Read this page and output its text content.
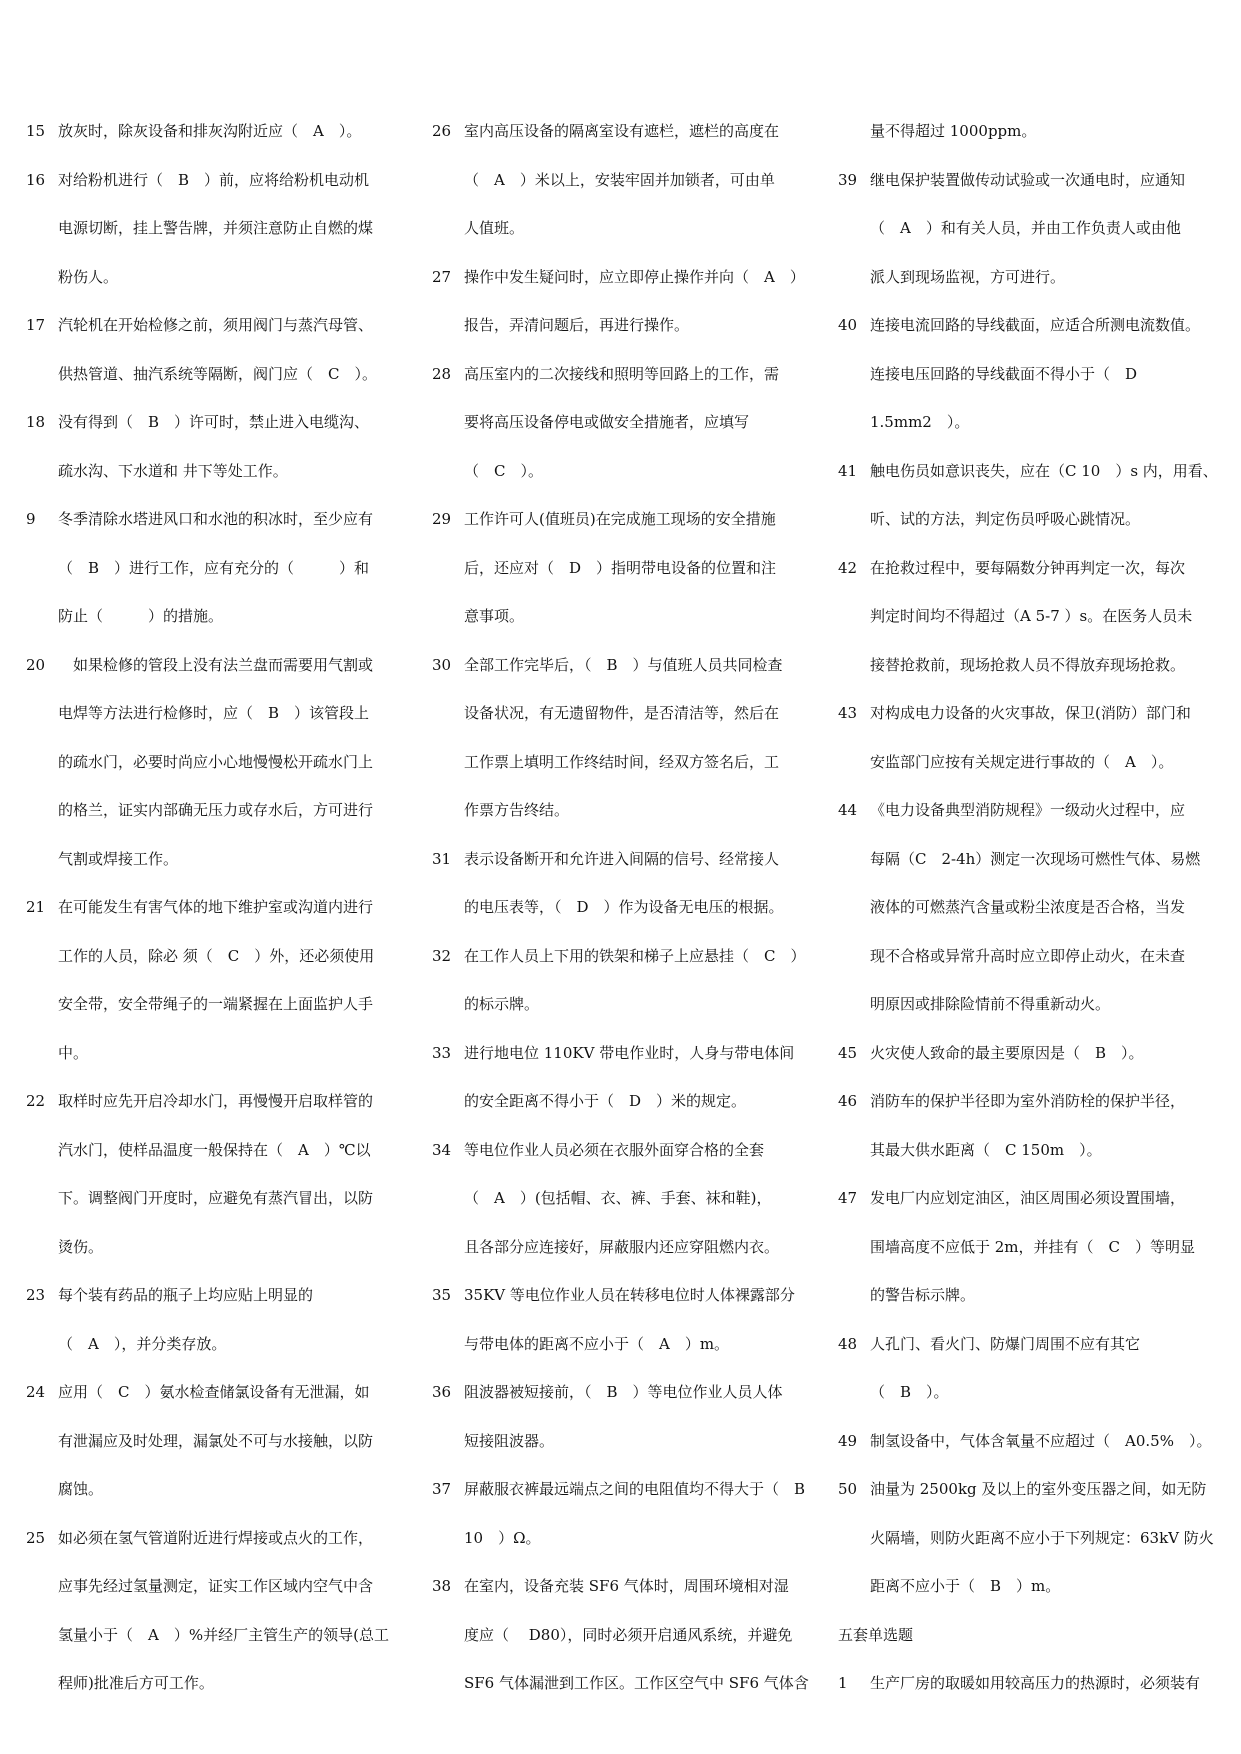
15 放灰时，除灰设备和排灰沟附近应（　A　）。
16 对给粉机进行（　B　）前，应将给粉机电动机
电源切断，挂上警告牌，并须注意防止自燃的煤
粉伤人。
17 汽轮机在开始检修之前，须用阀门与蒸汽母管、
供热管道、抽汽系统等隔断，阀门应（　C　）。
18 没有得到（　B　）许可时，禁止进入电缆沟、
疏水沟、下水道和 井下等处工作。
9	冬季清除水塔进风口和水池的积冰时，至少应有
（　B　）进行工作，应有充分的（　　　）和
防止（　　　）的措施。
20 　如果检修的管段上没有法兰盘而需要用气割或
电焊等方法进行检修时，应（　B　）该管段上
的疏水门，必要时尚应小心地慢慢松开疏水门上
的格兰，证实内部确无压力或存水后，方可进行
气割或焊接工作。
21 在可能发生有害气体的地下维护室或沟道内进行
工作的人员，除必 须（　C　）外，还必须使用
安全带，安全带绳子的一端紧握在上面监护人手
中。
22 取样时应先开启冷却水门，再慢慢开启取样管的
汽水门，使样品温度一般保持在（　A　）℃以
下。调整阀门开度时，应避免有蒸汽冒出，以防
烫伤。
23 每个装有药品的瓶子上均应贴上明显的
（　A　），并分类存放。
24 应用（　C　）氨水检查储氯设备有无泄漏，如
有泄漏应及时处理，漏氯处不可与水接触，以防
腐蚀。
25 如必须在氢气管道附近进行焊接或点火的工作，
应事先经过氢量测定，证实工作区域内空气中含
氢量小于（　A　）%并经厂主管生产的领导(总工
程师)批准后方可工作。
26 室内高压设备的隔离室设有遮栏，遮栏的高度在
（　A　）米以上，安装牢固并加锁者，可由单
人值班。
27 操作中发生疑问时，应立即停止操作并向（　A　）
报告，弄清问题后，再进行操作。
28 高压室内的二次接线和照明等回路上的工作，需
要将高压设备停电或做安全措施者，应填写
（　C　）。
29 工作许可人(值班员)在完成施工现场的安全措施
后，还应对（　D　）指明带电设备的位置和注
意事项。
30 全部工作完毕后，（　B　）与值班人员共同检查
设备状况，有无遗留物件，是否清洁等，然后在
工作票上填明工作终结时间，经双方签名后，工
作票方告终结。
31 表示设备断开和允许进入间隔的信号、经常接人
的电压表等，（　D　）作为设备无电压的根据。
32 在工作人员上下用的铁架和梯子上应悬挂（　C　）
的标示牌。
33 进行地电位 110KV 带电作业时，人身与带电体间
的安全距离不得小于（　D　）米的规定。
34 等电位作业人员必须在衣服外面穿合格的全套
（　A　）(包括帽、衣、裤、手套、袜和鞋)，
且各部分应连接好，屏蔽服内还应穿阻燃内衣。
35 35KV 等电位作业人员在转移电位时人体裸露部分
与带电体的距离不应小于（　A　）m。
36 阻波器被短接前，（　B　）等电位作业人员人体
短接阻波器。
37 屏蔽服衣裤最远端点之间的电阻值均不得大于（　B
10　）Ω。
38 在室内，设备充装 SF6 气体时，周围环境相对湿
度应（　 D80），同时必须开启通风系统，并避免
SF6 气体漏泄到工作区。工作区空气中 SF6 气体含
量不得超过 1000ppm。
39 继电保护装置做传动试验或一次通电时，应通知
（　A　）和有关人员，并由工作负责人或由他
派人到现场监视，方可进行。
40 连接电流回路的导线截面，应适合所测电流数值。
连接电压回路的导线截面不得小于（　D
1.5mm2　）。
41 触电伤员如意识丧失，应在（C 10　）s 内，用看、
听、试的方法，判定伤员呼吸心跳情况。
42 在抢救过程中，要每隔数分钟再判定一次，每次
判定时间均不得超过（A 5-7 ）s。在医务人员未
接替抢救前，现场抢救人员不得放弃现场抢救。
43 对构成电力设备的火灾事故，保卫(消防）部门和
安监部门应按有关规定进行事故的（　A　）。
44 《电力设备典型消防规程》一级动火过程中，应
每隔（C　2-4h）测定一次现场可燃性气体、易燃
液体的可燃蒸汽含量或粉尘浓度是否合格，当发
现不合格或异常升高时应立即停止动火，在未查
明原因或排除险情前不得重新动火。
45 火灾使人致命的最主要原因是（　B　）。
46 消防车的保护半径即为室外消防栓的保护半径，
其最大供水距离（　C 150m　）。
47 发电厂内应划定油区，油区周围必须设置围墙，
围墙高度不应低于 2m，并挂有（　C　）等明显
的警告标示牌。
48 人孔门、看火门、防爆门周围不应有其它
（　B　）。
49 制氢设备中，气体含氧量不应超过（　A0.5%　）。
50 油量为 2500kg 及以上的室外变压器之间，如无防
火隔墙，则防火距离不应小于下列规定：63kV 防火
距离不应小于（　B　）m。
五套单选题
1	生产厂房的取暖如用较高压力的热源时，必须装有
